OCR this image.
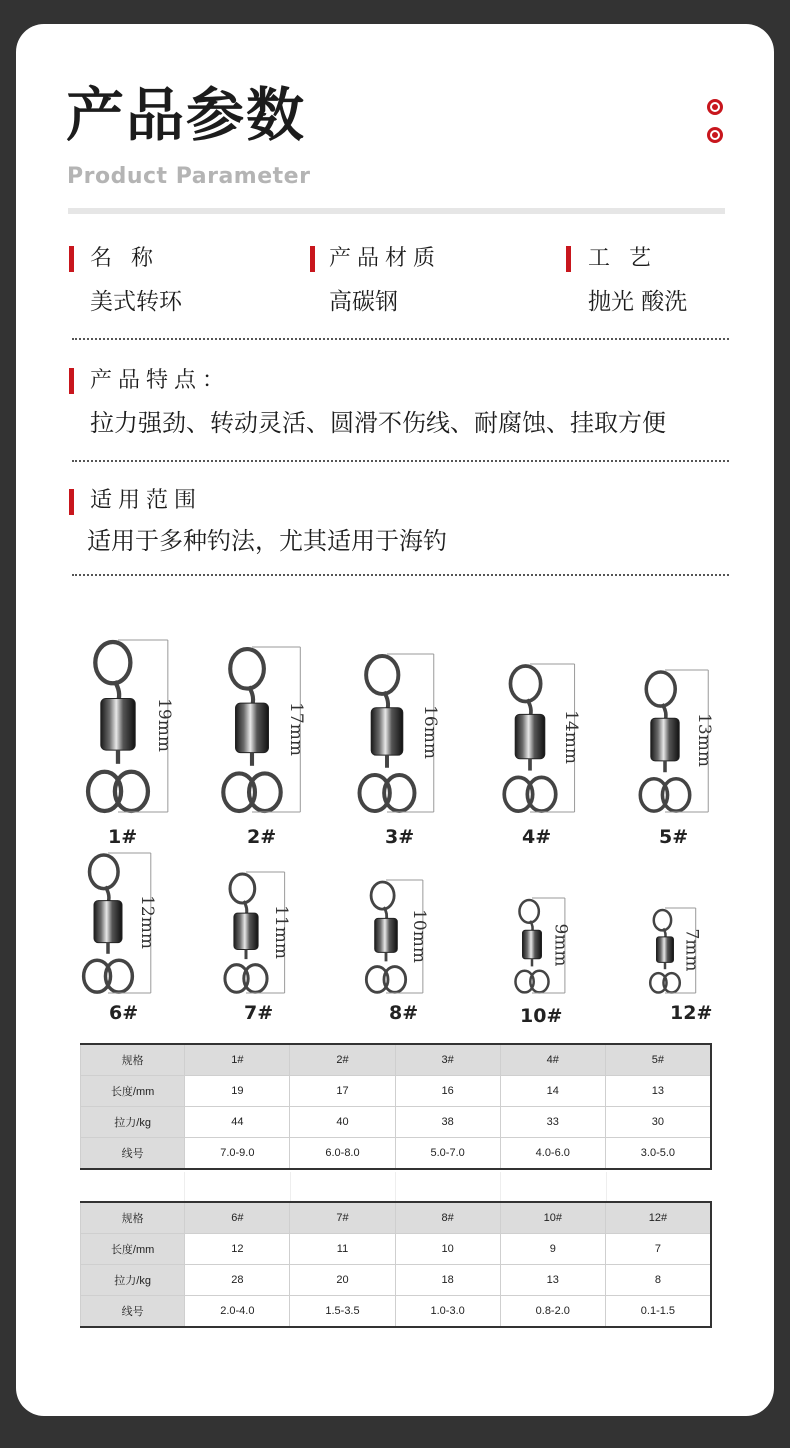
产品参数
Product Parameter
名 称
美式转环
产品材质
高碳钢
工 艺
抛光 酸洗
产品特点：
拉力强劲、转动灵活、圆滑不伤线、耐腐蚀、挂取方便
适用范围
适用于多种钓法，尤其适用于海钓
规格	1#	2#	3#	4#	5#
长度/mm	19	17	16	14	13
拉力/kg	44	40	38	33	30
线号	7.0-9.0	6.0-8.0	5.0-7.0	4.0-6.0	3.0-5.0
规格	6#	7#	8#	10#	12#
长度/mm	12	11	10	9	7
拉力/kg	28	20	18	13	8
线号	2.0-4.0	1.5-3.5	1.0-3.0	0.8-2.0	0.1-1.5
19mm
1#
17mm
2#
16mm
3#
14mm
4#
13mm
5#
12mm
6#
11mm
7#
10mm
8#
9mm
10#
7mm
12#
